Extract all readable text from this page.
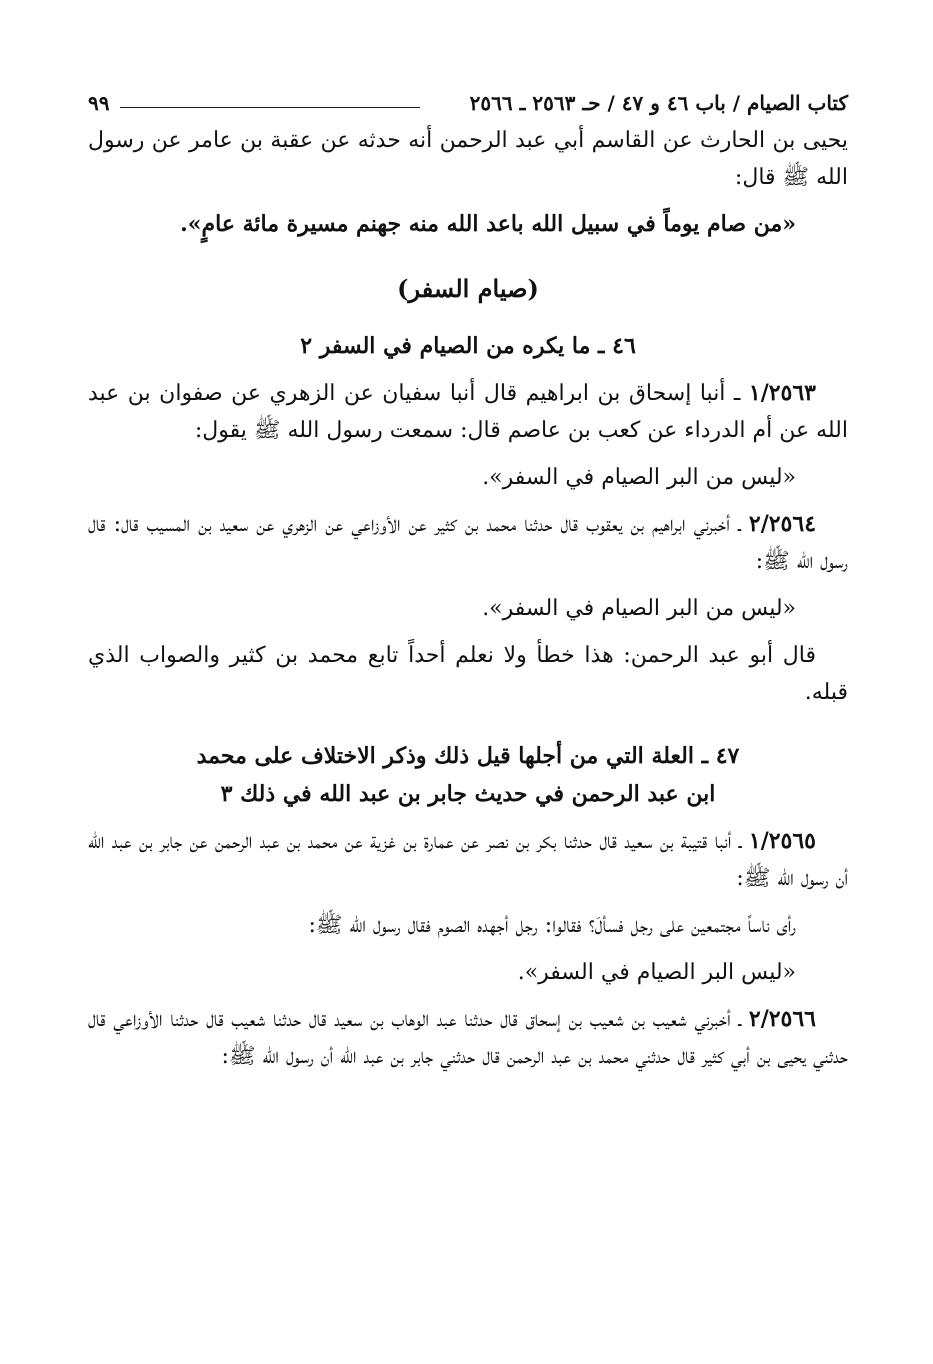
كتاب الصيام / باب ٤٦ و ٤٧ / حـ ٢٥٦٣ ـ ٢٥٦٦
٩٩

يحيى بن الحارث عن القاسم أبي عبد الرحمن أنه حدثه عن عقبة بن عامر عن رسول الله ﷺ قال:

«من صام يوماً في سبيل الله باعد الله منه جهنم مسيرة مائة عامٍ».

(صيام السفر)
٤٦ ـ ما يكره من الصيام في السفر ٢

١/٢٥٦٣ ـ أنبا إسحاق بن ابراهيم قال أنبا سفيان عن الزهري عن صفوان بن عبد الله عن أم الدرداء عن كعب بن عاصم قال: سمعت رسول الله ﷺ يقول:

«ليس من البر الصيام في السفر».

٢/٢٥٦٤ ـ أخبرني ابراهيم بن يعقوب قال حدثنا محمد بن كثير عن الأوزاعي عن الزهري عن سعيد بن المسيب قال: قال رسول الله ﷺ:

«ليس من البر الصيام في السفر».

قال أبو عبد الرحمن: هذا خطأ ولا نعلم أحداً تابع محمد بن كثير والصواب الذي قبله.

٤٧ ـ العلة التي من أجلها قيل ذلك وذكر الاختلاف على محمد
ابن عبد الرحمن في حديث جابر بن عبد الله في ذلك ٣

١/٢٥٦٥ ـ أنبا قتيبة بن سعيد قال حدثنا بكر بن نصر عن عمارة بن غزية عن محمد بن عبد الرحمن عن جابر بن عبد الله أن رسول الله ﷺ:

رأى ناساً مجتمعين على رجل فسألَ؟ فقالوا: رجل أجهده الصوم فقال رسول الله ﷺ:

«ليس البر الصيام في السفر».

٢/٢٥٦٦ ـ أخبرني شعيب بن شعيب بن إسحاق قال حدثنا عبد الوهاب بن سعيد قال حدثنا شعيب قال حدثنا الأوزاعي قال حدثني يحيى بن أبي كثير قال حدثني محمد بن عبد الرحمن قال حدثني جابر بن عبد الله أن رسول الله ﷺ:
